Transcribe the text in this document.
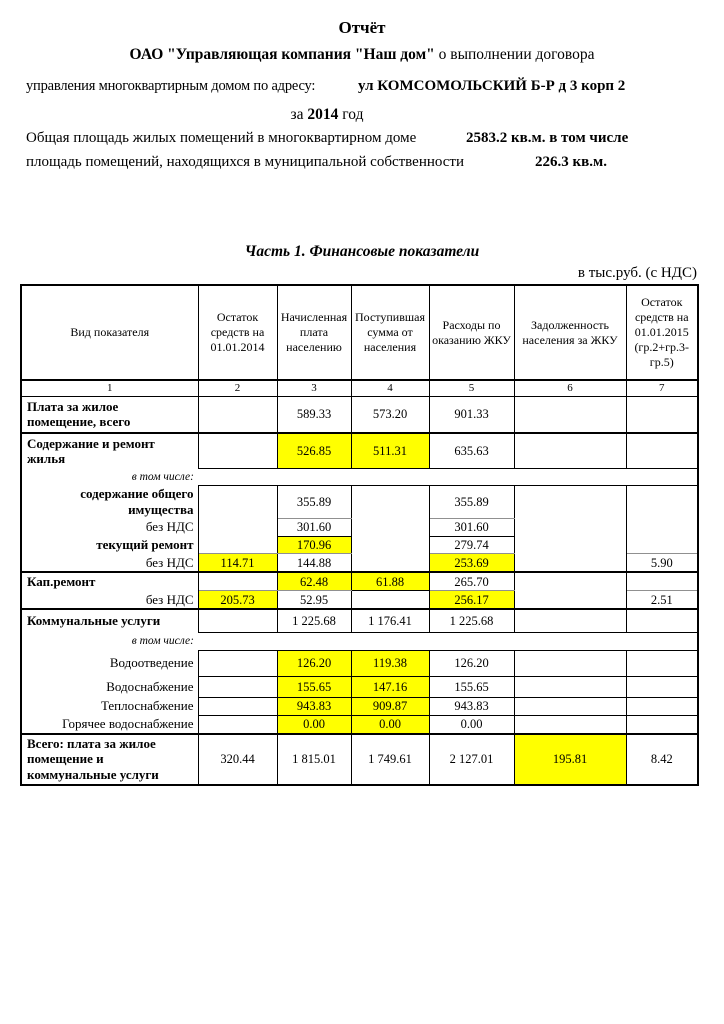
Отчёт
ОАО "Управляющая компания "Наш дом" о выполнении договора
управления многоквартирным домом по адресу:	ул КОМСОМОЛЬСКИЙ Б-Р д 3 корп 2
за 2014 год
Общая площадь жилых помещений в многоквартирном доме	2583.2 кв.м. в том числе
площадь помещений, находящихся в муниципальной собственности	226.3 кв.м.
Часть 1. Финансовые показатели
в тыс.руб. (с НДС)
Вид показателя	Остаток средств на 01.01.2014	Начисленная плата населению	Поступившая сумма от населения	Расходы по оказанию ЖКУ	Задолженность населения за ЖКУ	Остаток средств на 01.01.2015 (гр.2+гр.3-гр.5)
1	2	3	4	5	6	7
Плата за жилое помещение, всего		589.33	573.20	901.33		
Содержание и ремонт жилья		526.85	511.31	635.63		
в том числе:						
содержание общего имущества		355.89		355.89		
без НДС		301.60		301.60		
текущий ремонт		170.96		279.74		
без НДС	114.71	144.88		253.69		5.90
Кап.ремонт		62.48	61.88	265.70		
без НДС	205.73	52.95		256.17		2.51
Коммунальные услуги		1 225.68	1 176.41	1 225.68		
в том числе:						
Водоотведение		126.20	119.38	126.20		
Водоснабжение		155.65	147.16	155.65		
Теплоснабжение		943.83	909.87	943.83		
Горячее водоснабжение		0.00	0.00	0.00		
Всего: плата за жилое помещение и коммунальные услуги	320.44	1 815.01	1 749.61	2 127.01	195.81	8.42
